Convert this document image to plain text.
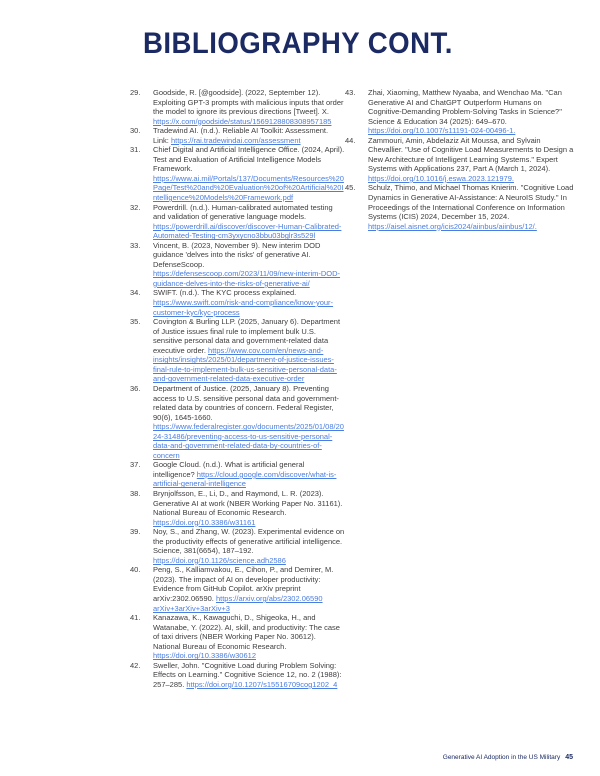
BIBLIOGRAPHY CONT.
29.	Goodside, R. [@goodside]. (2022, September 12). Exploiting GPT-3 prompts with malicious inputs that order the model to ignore its previous directions [Tweet]. X. https://x.com/goodside/status/1569128808308957185
30.	Tradewind AI. (n.d.). Reliable AI Toolkit: Assessment. Link: https://rai.tradewindai.com/assessment
31.	Chief Digital and Artificial Intelligence Office. (2024, April). Test and Evaluation of Artificial Intelligence Models Framework. https://www.ai.mil/Portals/137/Documents/Resources%20Page/Test%20and%20Evaluation%20of%20Artificial%20Intelligence%20Models%20Framework.pdf
32.	Powerdrill. (n.d.). Human-calibrated automated testing and validation of generative language models. https://powerdrill.ai/discover/discover-Human-Calibrated-Automated-Testing-cm3yxycno3bbu03bglr3s529l
33.	Vincent, B. (2023, November 9). New interim DOD guidance 'delves into the risks' of generative AI. DefenseScoop. https://defensescoop.com/2023/11/09/new-interim-DOD-guidance-delves-into-the-risks-of-generative-ai/
34.	SWIFT. (n.d.). The KYC process explained. https://www.swift.com/risk-and-compliance/know-your-customer-kyc/kyc-process
35.	Covington & Burling LLP. (2025, January 6). Department of Justice issues final rule to implement bulk U.S. sensitive personal data and government-related data executive order. https://www.cov.com/en/news-and-insights/insights/2025/01/department-of-justice-issues-final-rule-to-implement-bulk-us-sensitive-personal-data-and-government-related-data-executive-order
36.	Department of Justice. (2025, January 8). Preventing access to U.S. sensitive personal data and government-related data by countries of concern. Federal Register, 90(6), 1645-1660. https://www.federalregister.gov/documents/2025/01/08/2024-31486/preventing-access-to-us-sensitive-personal-data-and-government-related-data-by-countries-of-concern
37.	Google Cloud. (n.d.). What is artificial general intelligence? https://cloud.google.com/discover/what-is-artificial-general-intelligence
38.	Brynjolfsson, E., Li, D., and Raymond, L. R. (2023). Generative AI at work (NBER Working Paper No. 31161). National Bureau of Economic Research. https://doi.org/10.3386/w31161
39.	Noy, S., and Zhang, W. (2023). Experimental evidence on the productivity effects of generative artificial intelligence. Science, 381(6654), 187–192. https://doi.org/10.1126/science.adh2586
40.	Peng, S., Kalliamvakou, E., Cihon, P., and Demirer, M. (2023). The impact of AI on developer productivity: Evidence from GitHub Copilot. arXiv preprint arXiv:2302.06590. https://arxiv.org/abs/2302.06590 arXiv+3arXiv+3arXiv+3
41.	Kanazawa, K., Kawaguchi, D., Shigeoka, H., and Watanabe, Y. (2022). AI, skill, and productivity: The case of taxi drivers (NBER Working Paper No. 30612). National Bureau of Economic Research. https://doi.org/10.3386/w30612
42.	Sweller, John. "Cognitive Load during Problem Solving: Effects on Learning." Cognitive Science 12, no. 2 (1988): 257–285. https://doi.org/10.1207/s15516709cog1202_4
43.	Zhai, Xiaoming, Matthew Nyaaba, and Wenchao Ma. "Can Generative AI and ChatGPT Outperform Humans on Cognitive-Demanding Problem-Solving Tasks in Science?" Science & Education 34 (2025): 649–670. https://doi.org/10.1007/s11191-024-00496-1.
44.	Zammouri, Amin, Abdelaziz Ait Moussa, and Sylvain Chevallier. "Use of Cognitive Load Measurements to Design a New Architecture of Intelligent Learning Systems." Expert Systems with Applications 237, Part A (March 1, 2024). https://doi.org/10.1016/j.eswa.2023.121979.
45.	Schulz, Thimo, and Michael Thomas Knierim. "Cognitive Load Dynamics in Generative AI-Assistance: A NeuroIS Study." In Proceedings of the International Conference on Information Systems (ICIS) 2024, December 15, 2024. https://aisel.aisnet.org/icis2024/aiinbus/aiinbus/12/.
Generative AI Adoption in the US Military 45
